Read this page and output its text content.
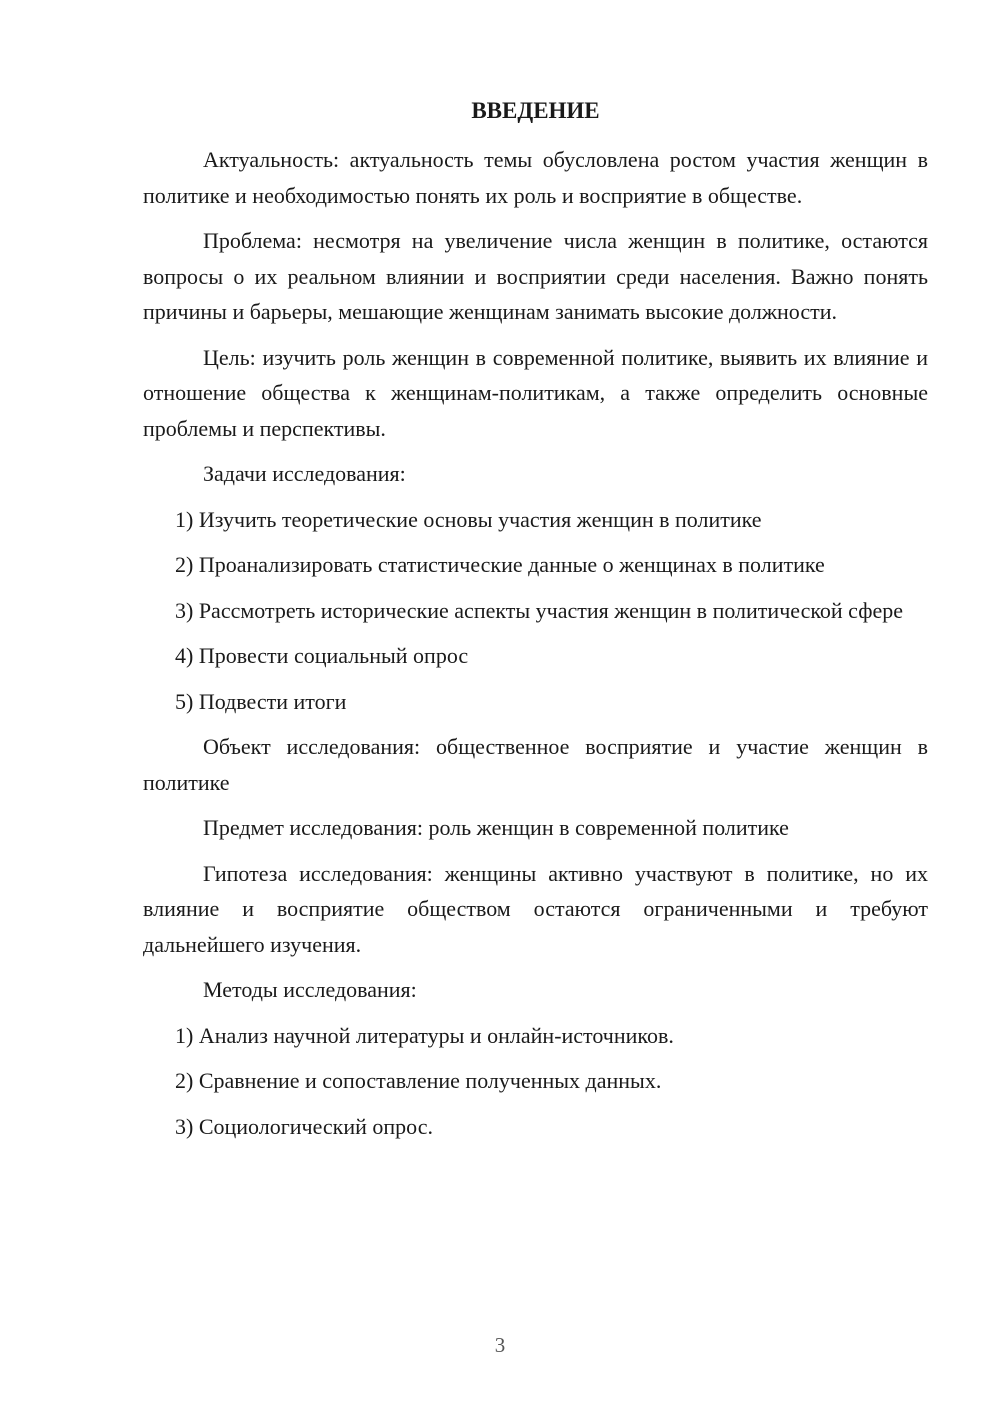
ВВЕДЕНИЕ

Актуальность: актуальность темы обусловлена ростом участия женщин в политике и необходимостью понять их роль и восприятие в обществе.

Проблема: несмотря на увеличение числа женщин в политике, остаются вопросы о их реальном влиянии и восприятии среди населения. Важно понять причины и барьеры, мешающие женщинам занимать высокие должности.

Цель: изучить роль женщин в современной политике, выявить их влияние и отношение общества к женщинам-политикам, а также определить основные проблемы и перспективы.

Задачи исследования:

1) Изучить теоретические основы участия женщин в политике

2) Проанализировать статистические данные о женщинах в политике

3) Рассмотреть исторические аспекты участия женщин в политической сфере

4) Провести социальный опрос

5) Подвести итоги

Объект исследования: общественное восприятие и участие женщин в политике

Предмет исследования: роль женщин в современной политике

Гипотеза исследования: женщины активно участвуют в политике, но их влияние и восприятие обществом остаются ограниченными и требуют дальнейшего изучения.

Методы исследования:

1) Анализ научной литературы и онлайн-источников.

2) Сравнение и сопоставление полученных данных.

3) Социологический опрос.

3
